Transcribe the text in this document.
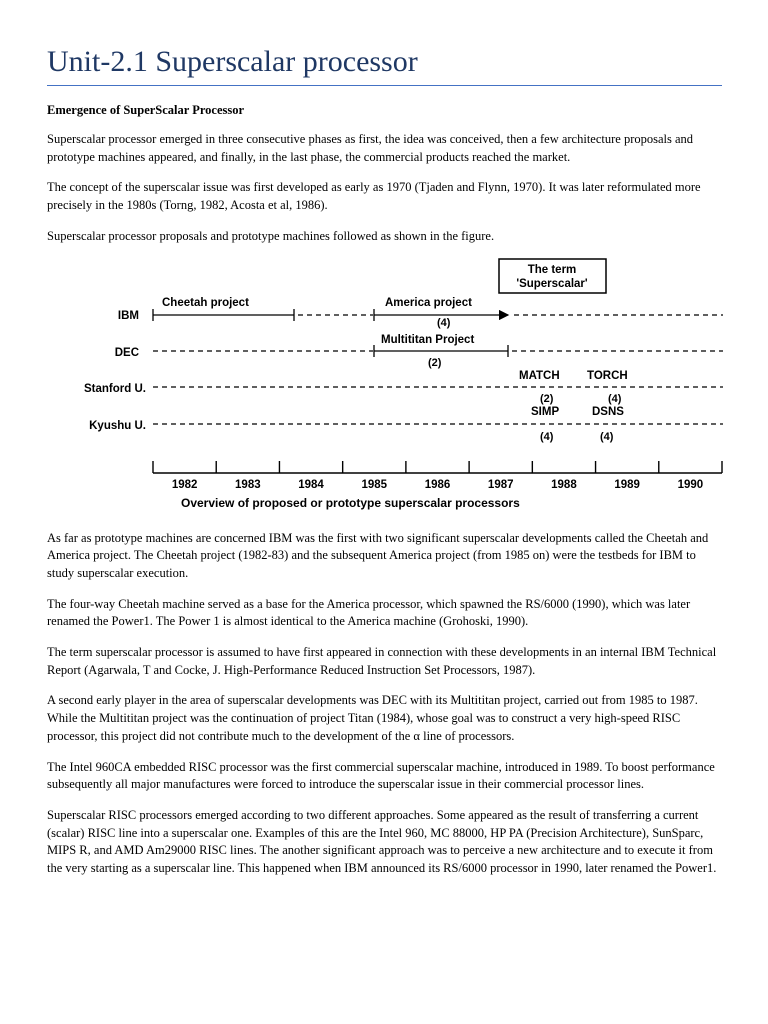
Unit-2.1 Superscalar processor
Emergence of SuperScalar Processor

Superscalar processor emerged in three consecutive phases as first, the idea was conceived, then a few architecture proposals and prototype machines appeared, and finally, in the last phase, the commercial products reached the market.

The concept of the superscalar issue was first developed as early as 1970 (Tjaden and Flynn, 1970). It was later reformulated more precisely in the 1980s (Torng, 1982, Acosta et al, 1986).

Superscalar processor proposals and prototype machines followed as shown in the figure.

The term
'Superscalar'
IBM
DEC
Stanford U.
Kyushu U.
Cheetah project	America project
(4)
Multititan Project
(2)
MATCH TORCH
(2)	(4)
SIMP	DSNS
(4)	(4)
1982	1983	1984	1985	1986	1987	1988	1989	1990
Overview of proposed or prototype superscalar processors

As far as prototype machines are concerned IBM was the first with two significant superscalar developments called the Cheetah and America project. The Cheetah project (1982-83) and the subsequent America project (from 1985 on) were the testbeds for IBM to study superscalar execution.

The four-way Cheetah machine served as a base for the America processor, which spawned the RS/6000 (1990), which was later renamed the Power1. The Power 1 is almost identical to the America machine (Grohoski, 1990).

The term superscalar processor is assumed to have first appeared in connection with these developments in an internal IBM Technical Report (Agarwala, T and Cocke, J. High-Performance Reduced Instruction Set Processors, 1987).

A second early player in the area of superscalar developments was DEC with its Multititan project, carried out from 1985 to 1987. While the Multititan project was the continuation of project Titan (1984), whose goal was to construct a very high-speed RISC processor, this project did not contribute much to the development of the α line of processors.

The Intel 960CA embedded RISC processor was the first commercial superscalar machine, introduced in 1989. To boost performance subsequently all major manufactures were forced to introduce the superscalar issue in their commercial processor lines.

Superscalar RISC processors emerged according to two different approaches. Some appeared as the result of transferring a current (scalar) RISC line into a superscalar one. Examples of this are the Intel 960, MC 88000, HP PA (Precision Architecture), SunSparc, MIPS R, and AMD Am29000 RISC lines. The another significant approach was to perceive a new architecture and to execute it from the very starting as a superscalar line. This happened when IBM announced its RS/6000 processor in 1990, later renamed the Power1.
